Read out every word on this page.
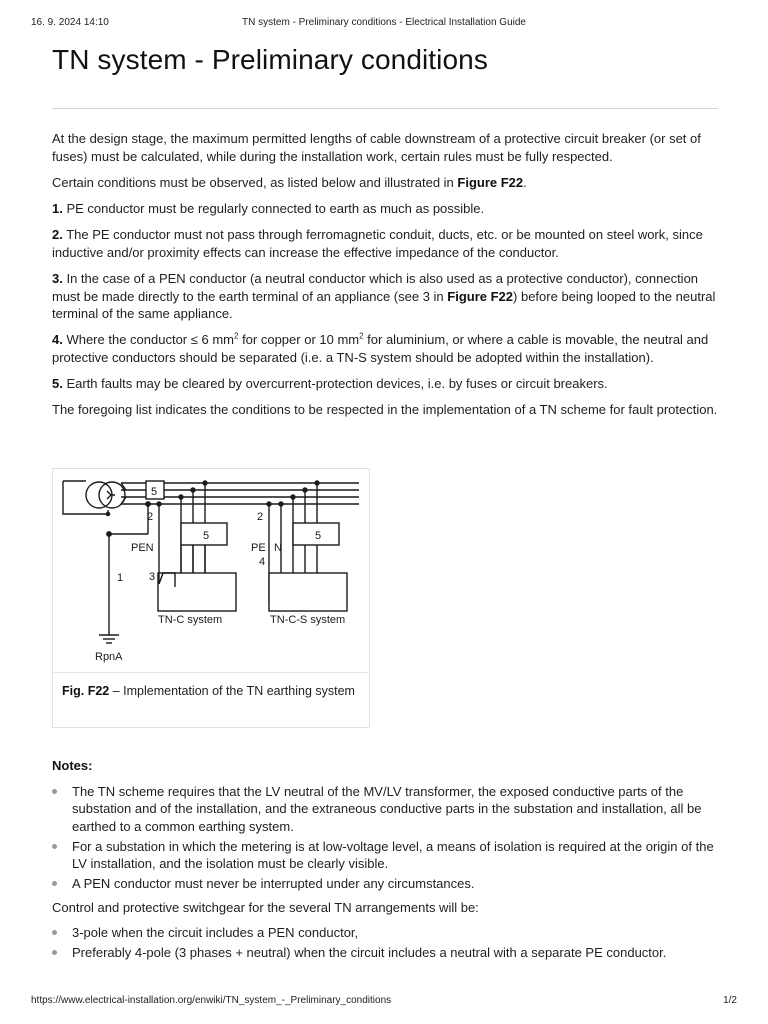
16. 9. 2024 14:10	TN system - Preliminary conditions - Electrical Installation Guide
TN system - Preliminary conditions

At the design stage, the maximum permitted lengths of cable downstream of a protective circuit breaker (or set of fuses) must be calculated, while during the installation work, certain rules must be fully respected.

Certain conditions must be observed, as listed below and illustrated in Figure F22.

1. PE conductor must be regularly connected to earth as much as possible.

2. The PE conductor must not pass through ferromagnetic conduit, ducts, etc. or be mounted on steel work, since inductive and/or proximity effects can increase the effective impedance of the conductor.

3. In the case of a PEN conductor (a neutral conductor which is also used as a protective conductor), connection must be made directly to the earth terminal of an appliance (see 3 in Figure F22) before being looped to the neutral terminal of the same appliance.

4. Where the conductor ≤ 6 $mm^2$ for copper or 10 $mm^2$ for aluminium, or where a cable is movable, the neutral and protective conductors should be separated (i.e. a TN-S system should be adopted within the installation).

5. Earth faults may be cleared by overcurrent-protection devices, i.e. by fuses or circuit breakers.

The foregoing list indicates the conditions to be respected in the implementation of a TN scheme for fault protection.

5
2
PEN
5
1 3
TN-C system
RpnA
2
PE N
4
5
TN-C-S system
Fig. F22 – Implementation of the TN earthing system
Notes:
The TN scheme requires that the LV neutral of the MV/LV transformer, the exposed conductive parts of the substation and of the installation, and the extraneous conductive parts in the substation and installation, all be earthed to a common earthing system.
For a substation in which the metering is at low-voltage level, a means of isolation is required at the origin of the LV installation, and the isolation must be clearly visible.
A PEN conductor must never be interrupted under any circumstances.

Control and protective switchgear for the several TN arrangements will be:

3-pole when the circuit includes a PEN conductor,
Preferably 4-pole (3 phases + neutral) when the circuit includes a neutral with a separate PE conductor.
https://www.electrical-installation.org/enwiki/TN_system_-_Preliminary_conditions	1/2
